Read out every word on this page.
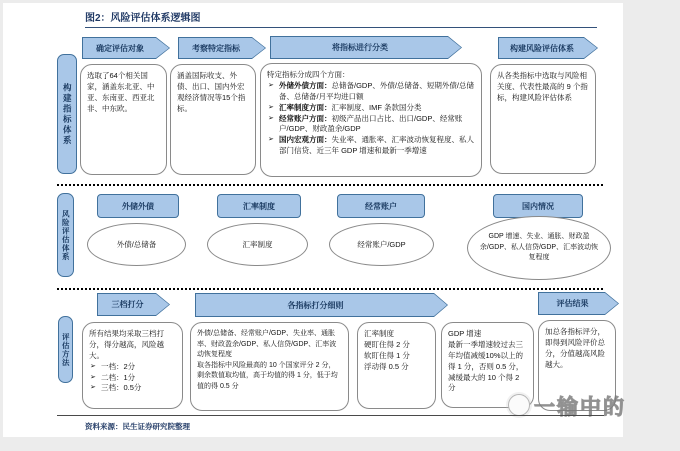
图2：风险评估体系逻辑图
构建指标体系
确定评估对象	考察特定指标	将指标进行分类	构建风险评估体系
选取了64个相关国家，涵盖东北亚、中亚、东南亚、西亚北非、中东欧。
涵盖国际收支、外债、出口、国内外宏观经济情况等15个指标。
特定指标分成四个方面：
➢ 外储外债方面：总储备/GDP、外债/总储备、短期外债/总储备、总储备/月平均进口额
➢ 汇率制度方面：汇率制度、IMF 条款国分类
➢ 经常账户方面：初级产品出口占比、出口/GDP、经常账户/GDP、财政盈余/GDP
➢ 国内宏观方面：失业率、通胀率、汇率波动恢复程度、私人部门信贷、近三年 GDP 增速和最新一季增速
从各类指标中选取与风险相关度、代表性最高的 9 个指标，构建风险评估体系
风险评估体系
外储外债	汇率制度	经常账户	国内情况
外债/总储备	汇率制度	经常账户/GDP
GDP 增速、失业、通胀、财政盈余/GDP、私人信贷/GDP、汇率波动恢复程度
评估方法
三档打分	各指标打分细则	评估结果
所有结果均采取三档打分，得分越高，风险越大。
➢ 一档：2分
➢ 二档：1分
➢ 三档：0.5分
外债/总储备、经常账户/GDP、失业率、通胀率、财政盈余/GDP、私人信贷/GDP、汇率波动恢复程度
取各指标中风险最高的 10 个国家评分 2 分，剩余数值取均值，高于均值的得 1 分，低于均值的得 0.5 分
汇率制度
硬盯住得 2 分
软盯住得 1 分
浮动得 0.5 分
GDP 增速
最新一季增速较过去三年均值减缓10%以上的得 1 分，否则 0.5 分，减缓最大的 10 个得 2 分
加总各指标评分，即得到风险评价总分，分值越高风险越大。
一输中的
资料来源：民生证券研究院整理
